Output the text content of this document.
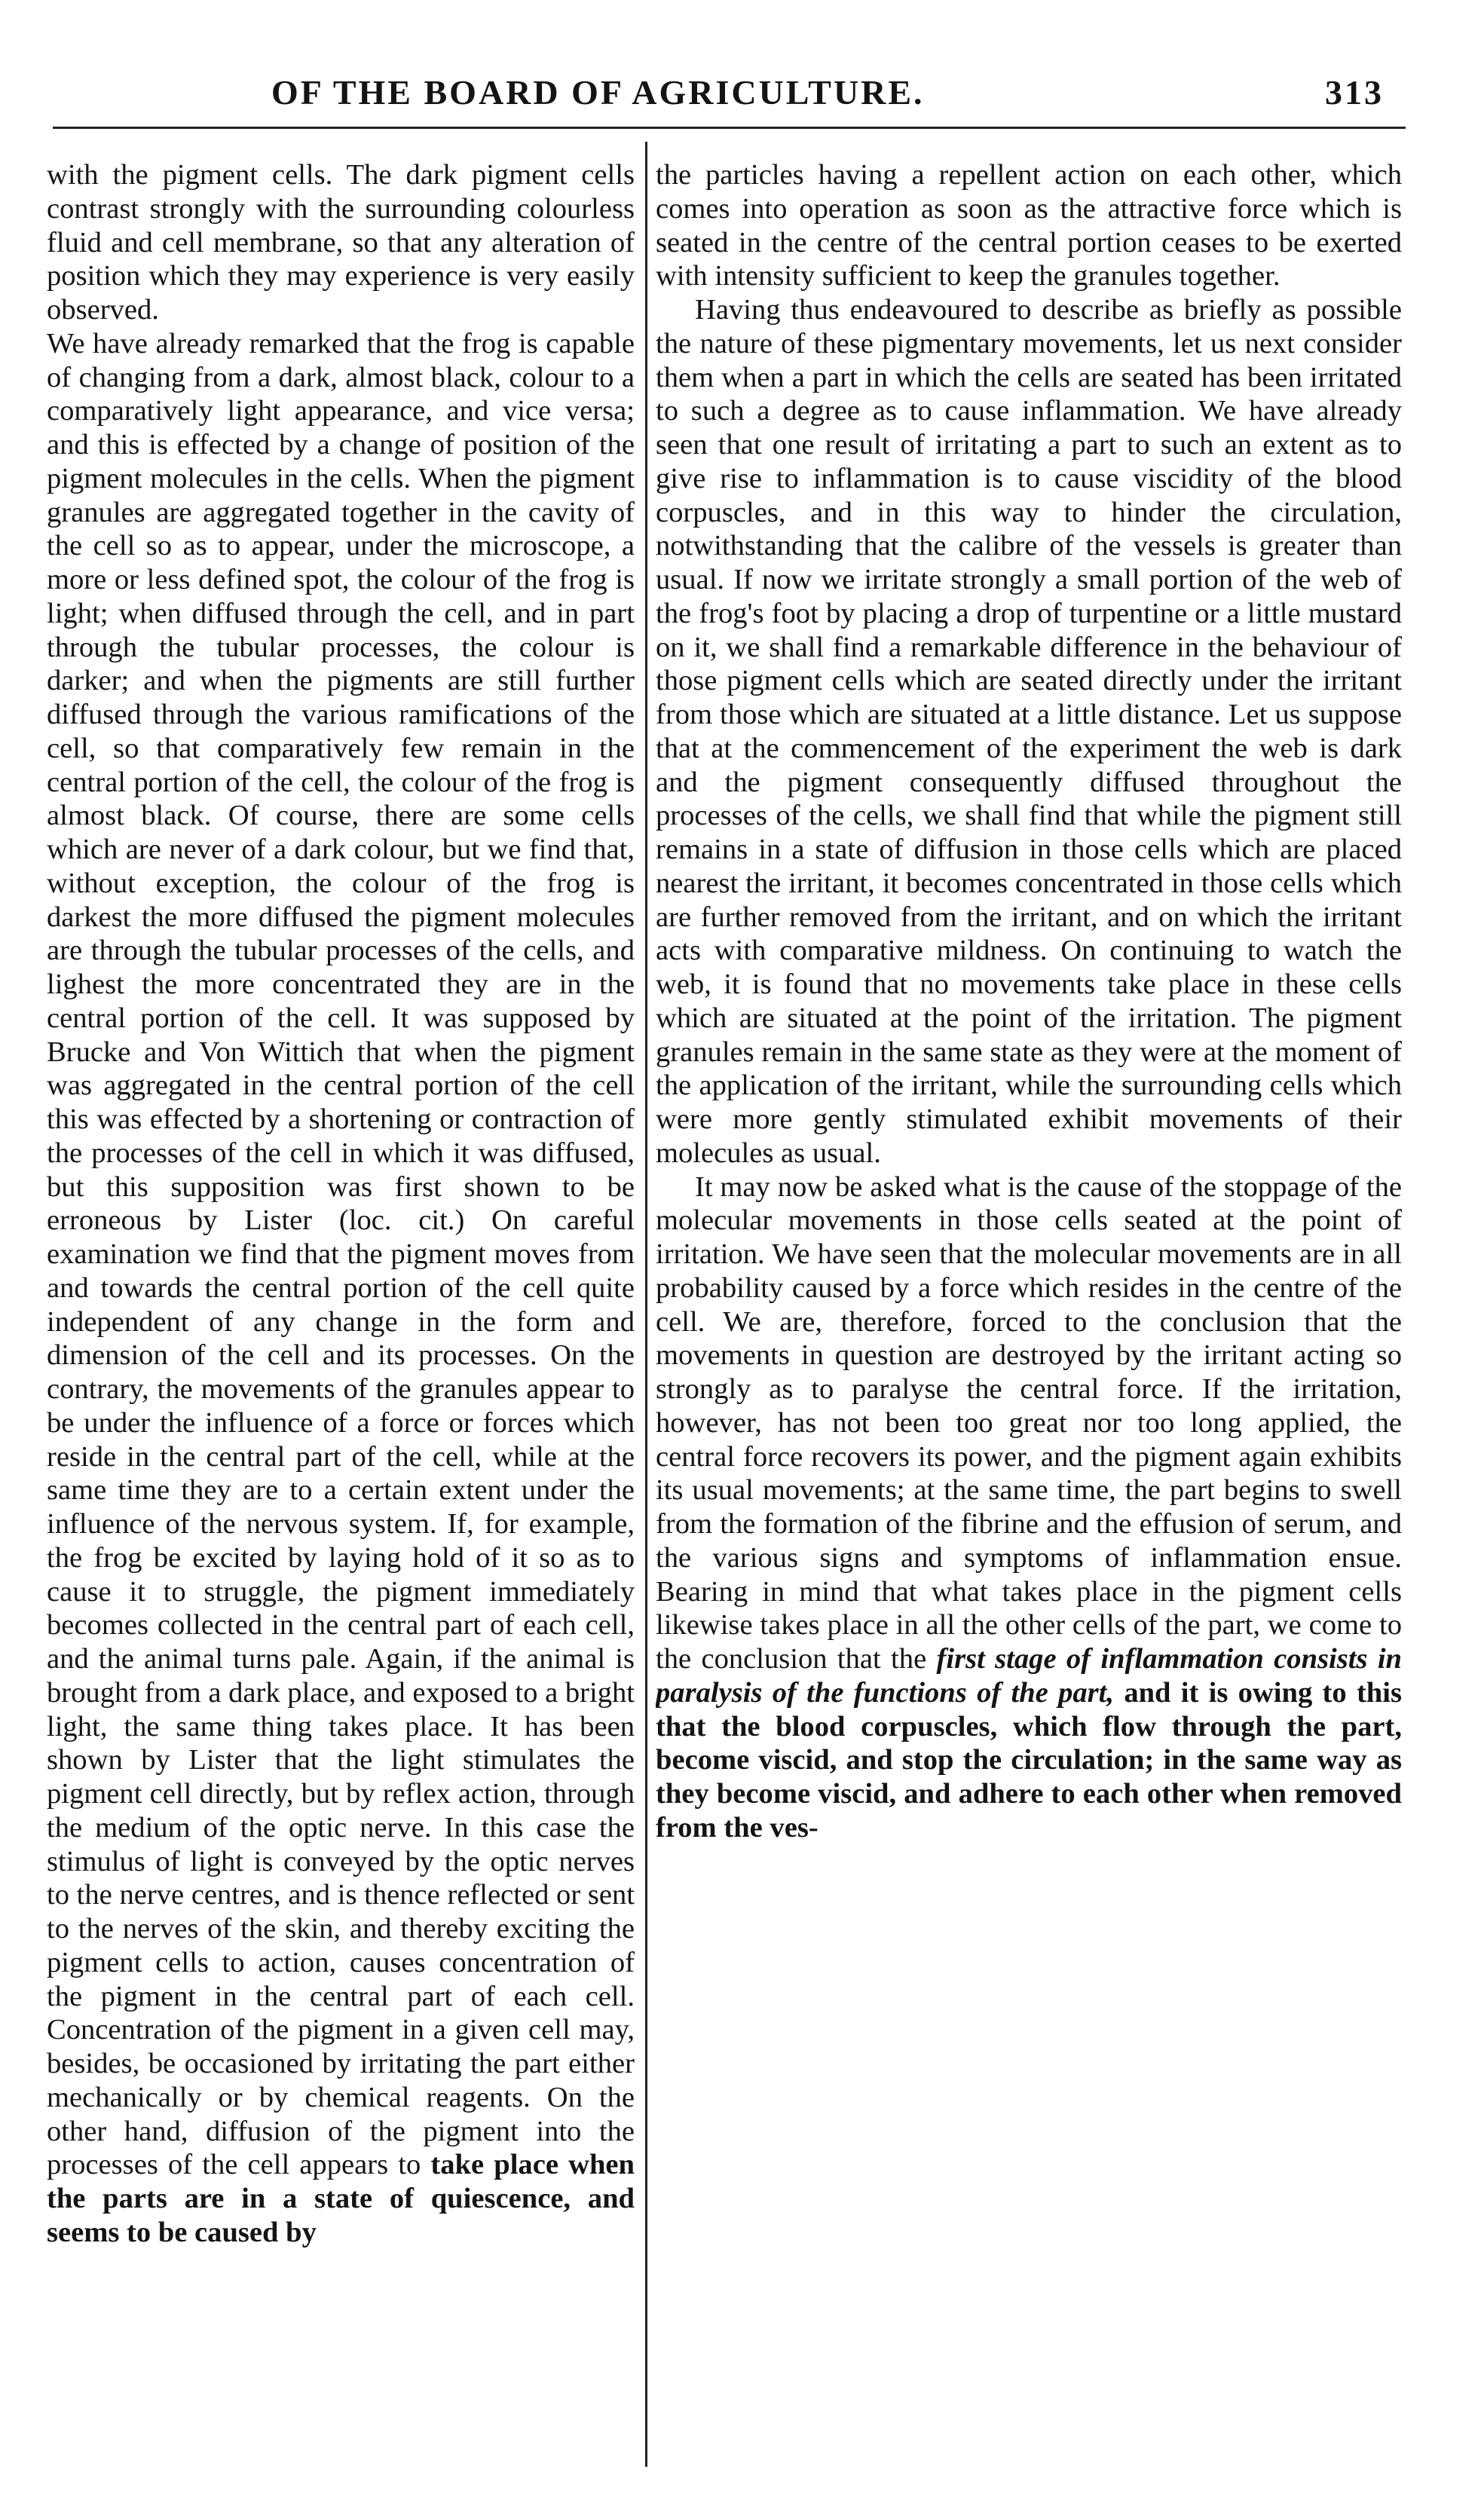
OF THE BOARD OF AGRICULTURE.	313

with the pigment cells. The dark pigment cells contrast strongly with the surrounding colourless fluid and cell membrane, so that any alteration of position which they may experience is very easily observed.

We have already remarked that the frog is capable of changing from a dark, almost black, colour to a comparatively light appearance, and vice versa; and this is effected by a change of position of the pigment molecules in the cells. When the pigment granules are aggregated together in the cavity of the cell so as to appear, under the microscope, a more or less defined spot, the colour of the frog is light; when diffused through the cell, and in part through the tubular processes, the colour is darker; and when the pigments are still further diffused through the various ramifications of the cell, so that comparatively few remain in the central portion of the cell, the colour of the frog is almost black. Of course, there are some cells which are never of a dark colour, but we find that, without exception, the colour of the frog is darkest the more diffused the pigment molecules are through the tubular processes of the cells, and lighest the more concentrated they are in the central portion of the cell. It was supposed by Brucke and Von Wittich that when the pigment was aggregated in the central portion of the cell this was effected by a shortening or contraction of the processes of the cell in which it was diffused, but this supposition was first shown to be erroneous by Lister (loc. cit.) On careful examination we find that the pigment moves from and towards the central portion of the cell quite independent of any change in the form and dimension of the cell and its processes. On the contrary, the movements of the granules appear to be under the influence of a force or forces which reside in the central part of the cell, while at the same time they are to a certain extent under the influence of the nervous system. If, for example, the frog be excited by laying hold of it so as to cause it to struggle, the pigment immediately becomes collected in the central part of each cell, and the animal turns pale. Again, if the animal is brought from a dark place, and exposed to a bright light, the same thing takes place. It has been shown by Lister that the light stimulates the pigment cell directly, but by reflex action, through the medium of the optic nerve. In this case the stimulus of light is conveyed by the optic nerves to the nerve centres, and is thence reflected or sent to the nerves of the skin, and thereby exciting the pigment cells to action, causes concentration of the pigment in the central part of each cell. Concentration of the pigment in a given cell may, besides, be occasioned by irritating the part either mechanically or by chemical reagents. On the other hand, diffusion of the pigment into the processes of the cell appears to take place when the parts are in a state of quiescence, and seems to be caused by

the particles having a repellent action on each other, which comes into operation as soon as the attractive force which is seated in the centre of the central portion ceases to be exerted with intensity sufficient to keep the granules together.

Having thus endeavoured to describe as briefly as possible the nature of these pigmentary movements, let us next consider them when a part in which the cells are seated has been irritated to such a degree as to cause inflammation. We have already seen that one result of irritating a part to such an extent as to give rise to inflammation is to cause viscidity of the blood corpuscles, and in this way to hinder the circulation, notwithstanding that the calibre of the vessels is greater than usual. If now we irritate strongly a small portion of the web of the frog's foot by placing a drop of turpentine or a little mustard on it, we shall find a remarkable difference in the behaviour of those pigment cells which are seated directly under the irritant from those which are situated at a little distance. Let us suppose that at the commencement of the experiment the web is dark and the pigment consequently diffused throughout the processes of the cells, we shall find that while the pigment still remains in a state of diffusion in those cells which are placed nearest the irritant, it becomes concentrated in those cells which are further removed from the irritant, and on which the irritant acts with comparative mildness. On continuing to watch the web, it is found that no movements take place in these cells which are situated at the point of the irritation. The pigment granules remain in the same state as they were at the moment of the application of the irritant, while the surrounding cells which were more gently stimulated exhibit movements of their molecules as usual.

It may now be asked what is the cause of the stoppage of the molecular movements in those cells seated at the point of irritation. We have seen that the molecular movements are in all probability caused by a force which resides in the centre of the cell. We are, therefore, forced to the conclusion that the movements in question are destroyed by the irritant acting so strongly as to paralyse the central force. If the irritation, however, has not been too great nor too long applied, the central force recovers its power, and the pigment again exhibits its usual movements; at the same time, the part begins to swell from the formation of the fibrine and the effusion of serum, and the various signs and symptoms of inflammation ensue. Bearing in mind that what takes place in the pigment cells likewise takes place in all the other cells of the part, we come to the conclusion that the first stage of inflammation consists in paralysis of the functions of the part, and it is owing to this that the blood corpuscles, which flow through the part, become viscid, and stop the circulation; in the same way as they become viscid, and adhere to each other when removed from the ves-
